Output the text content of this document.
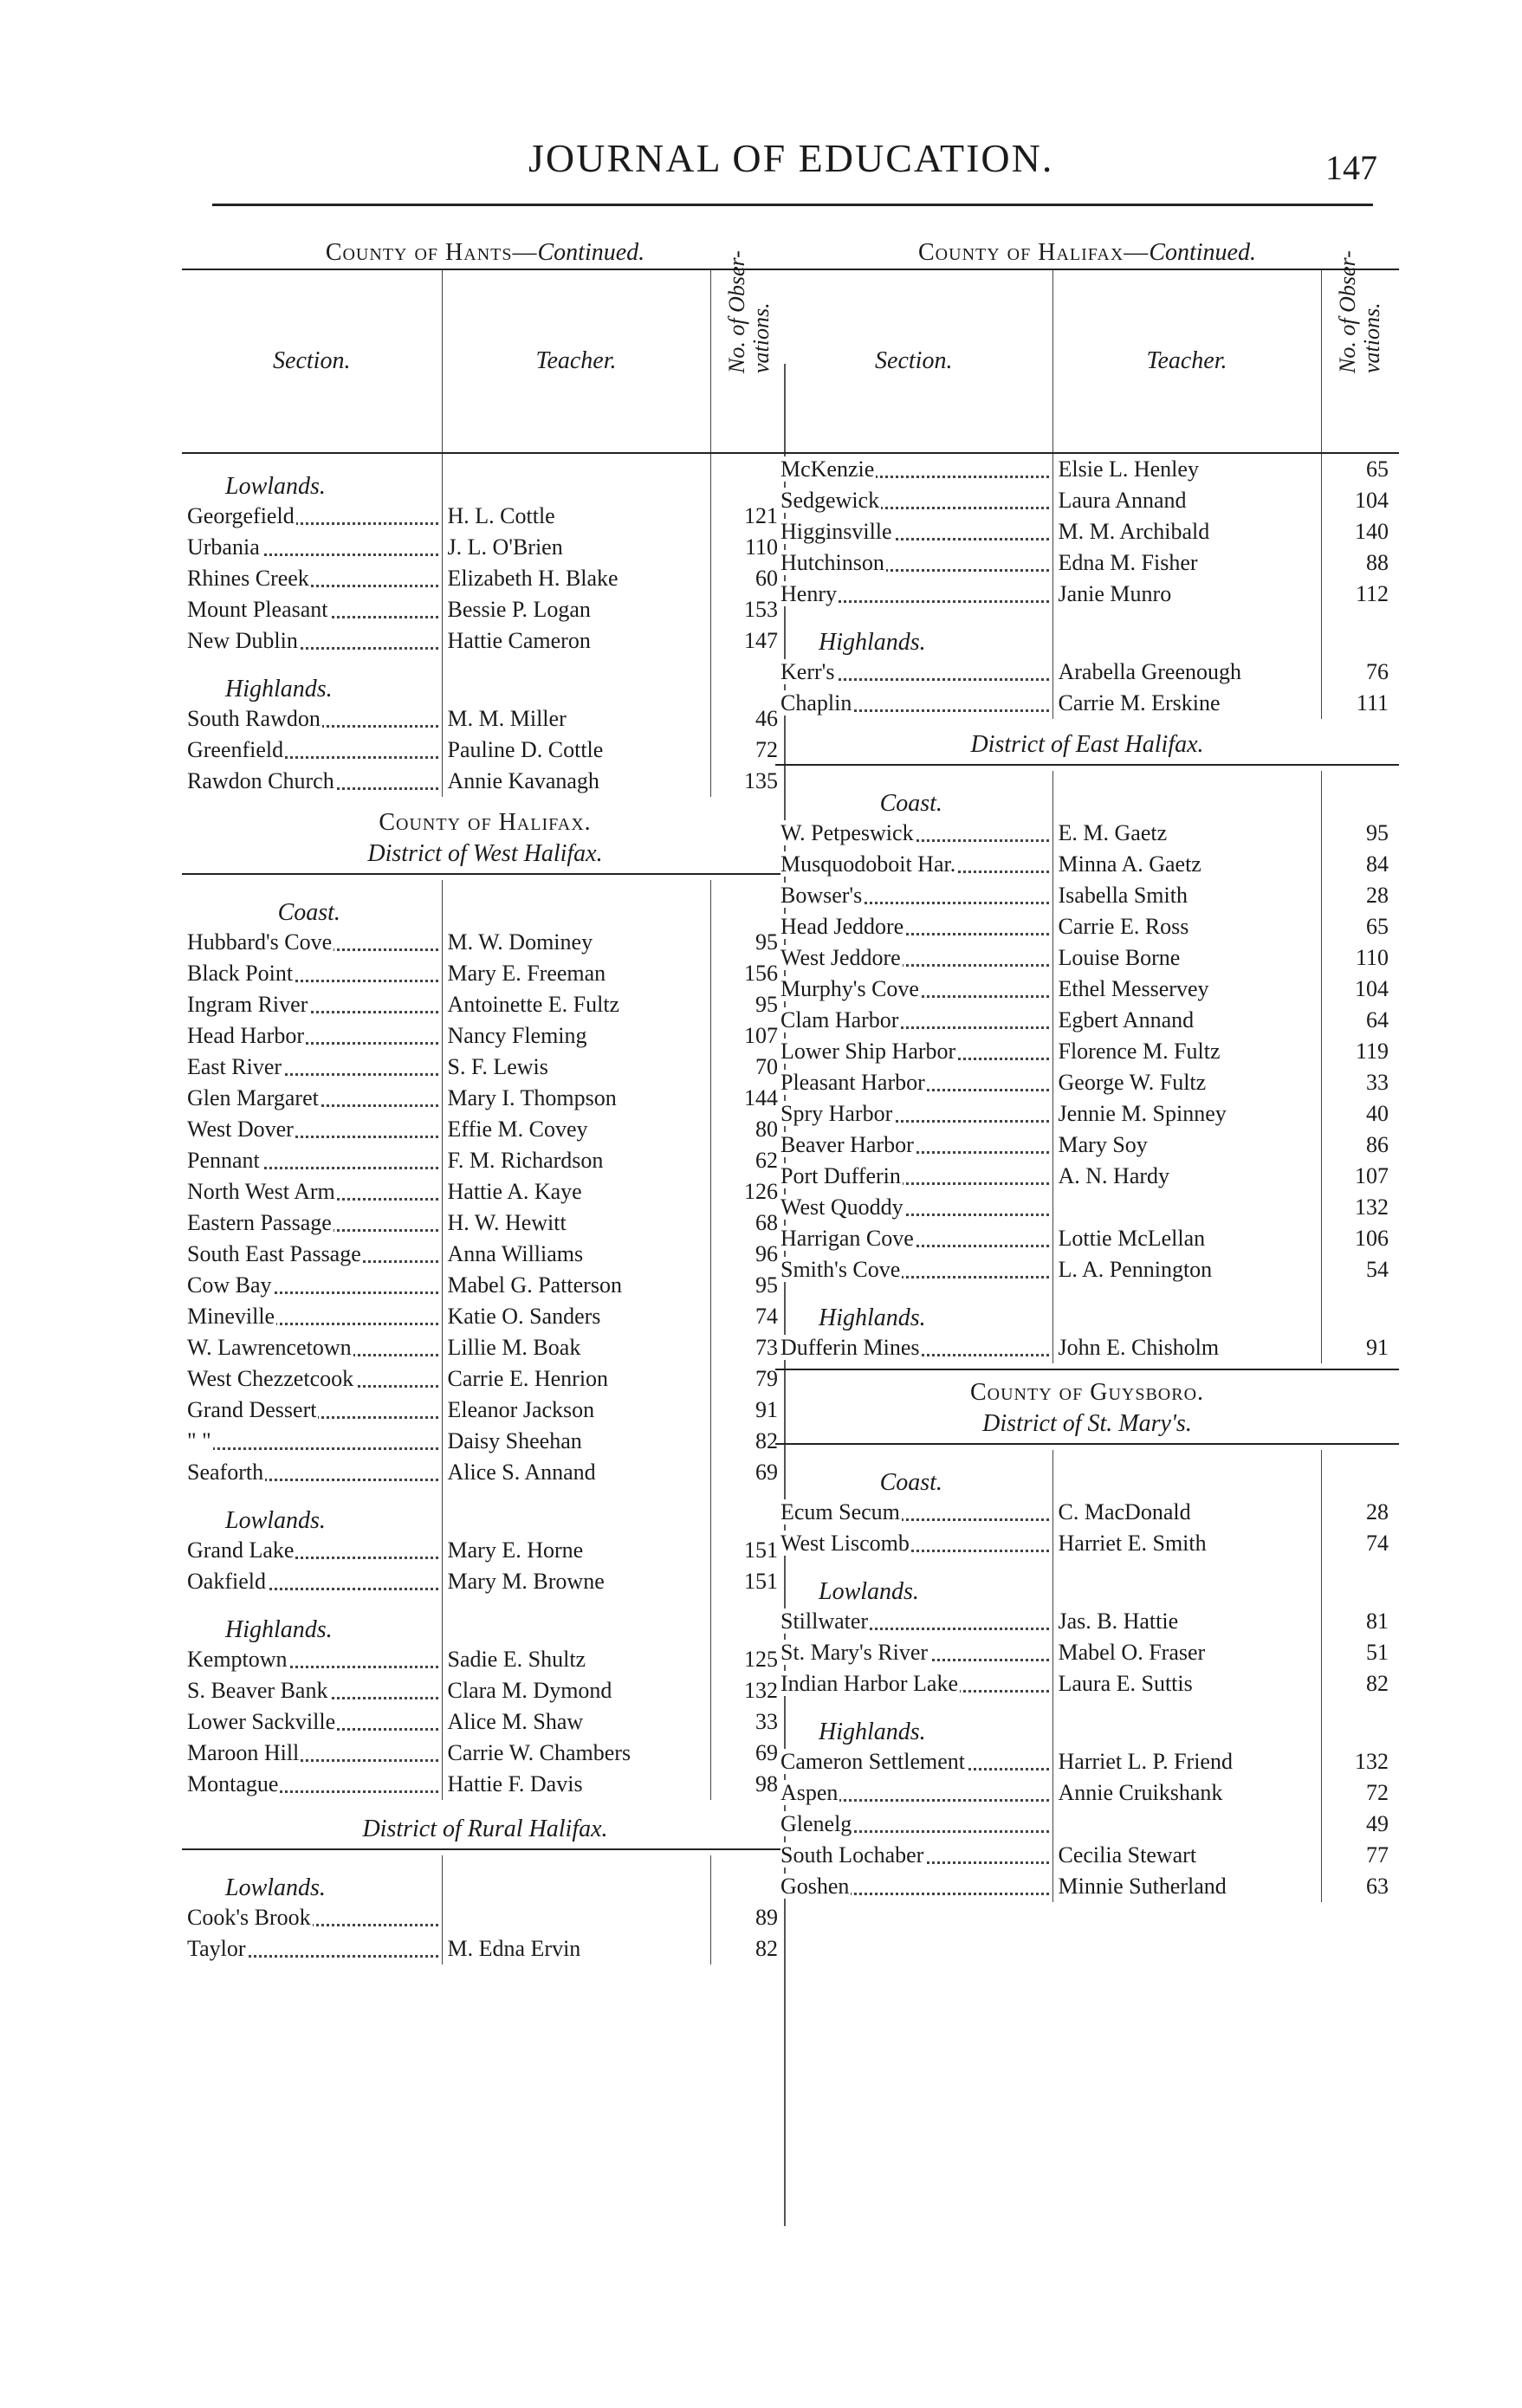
JOURNAL OF EDUCATION.	147
County of Hants—Continued.
Section.	Teacher.	No. of Obser-
vations.
Lowlands.		

Georgefield	H. L. Cottle	121

Urbania	J. L. O'Brien	110

Rhines Creek	Elizabeth H. Blake	60

Mount Pleasant	Bessie P. Logan	153

New Dublin	Hattie Cameron	147
Highlands.		

South Rawdon	M. M. Miller	46

Greenfield	Pauline D. Cottle	72

Rawdon Church	Annie Kavanagh	135
County of Halifax.
District of West Halifax.
Coast.		

Hubbard's Cove	M. W. Dominey	95

Black Point	Mary E. Freeman	156

Ingram River	Antoinette E. Fultz	95

Head Harbor	Nancy Fleming	107

East River	S. F. Lewis	70

Glen Margaret	Mary I. Thompson	144

West Dover	Effie M. Covey	80

Pennant	F. M. Richardson	62

North West Arm	Hattie A. Kaye	126

Eastern Passage	H. W. Hewitt	68

South East Passage	Anna Williams	96

Cow Bay	Mabel G. Patterson	95

Mineville	Katie O. Sanders	74

W. Lawrencetown	Lillie M. Boak	73

West Chezzetcook	Carrie E. Henrion	79

Grand Dessert	Eleanor Jackson	91

" "	Daisy Sheehan	82

Seaforth	Alice S. Annand	69
Lowlands.		

Grand Lake	Mary E. Horne	151

Oakfield	Mary M. Browne	151
Highlands.		

Kemptown	Sadie E. Shultz	125

S. Beaver Bank	Clara M. Dymond	132

Lower Sackville	Alice M. Shaw	33

Maroon Hill	Carrie W. Chambers	69

Montague	Hattie F. Davis	98
District of Rural Halifax.
Lowlands.		

Cook's Brook		89

Taylor	M. Edna Ervin	82
County of Halifax—Continued.
Section.	Teacher.	No. of Obser-
vations.

McKenzie	Elsie L. Henley	65

Sedgewick	Laura Annand	104

Higginsville	M. M. Archibald	140

Hutchinson	Edna M. Fisher	88

Henry	Janie Munro	112
Highlands.		

Kerr's	Arabella Greenough	76

Chaplin	Carrie M. Erskine	111
District of East Halifax.
Coast.		

W. Petpeswick	E. M. Gaetz	95

Musquodoboit Har.	Minna A. Gaetz	84

Bowser's	Isabella Smith	28

Head Jeddore	Carrie E. Ross	65

West Jeddore	Louise Borne	110

Murphy's Cove	Ethel Messervey	104

Clam Harbor	Egbert Annand	64

Lower Ship Harbor	Florence M. Fultz	119

Pleasant Harbor	George W. Fultz	33

Spry Harbor	Jennie M. Spinney	40

Beaver Harbor	Mary Soy	86

Port Dufferin	A. N. Hardy	107

West Quoddy		132

Harrigan Cove	Lottie McLellan	106

Smith's Cove	L. A. Pennington	54
Highlands.		

Dufferin Mines	John E. Chisholm	91
County of Guysboro.
District of St. Mary's.
Coast.		

Ecum Secum	C. MacDonald	28

West Liscomb	Harriet E. Smith	74
Lowlands.		

Stillwater	Jas. B. Hattie	81

St. Mary's River	Mabel O. Fraser	51

Indian Harbor Lake	Laura E. Suttis	82
Highlands.		

Cameron Settlement	Harriet L. P. Friend	132

Aspen	Annie Cruikshank	72

Glenelg		49

South Lochaber	Cecilia Stewart	77

Goshen	Minnie Sutherland	63
